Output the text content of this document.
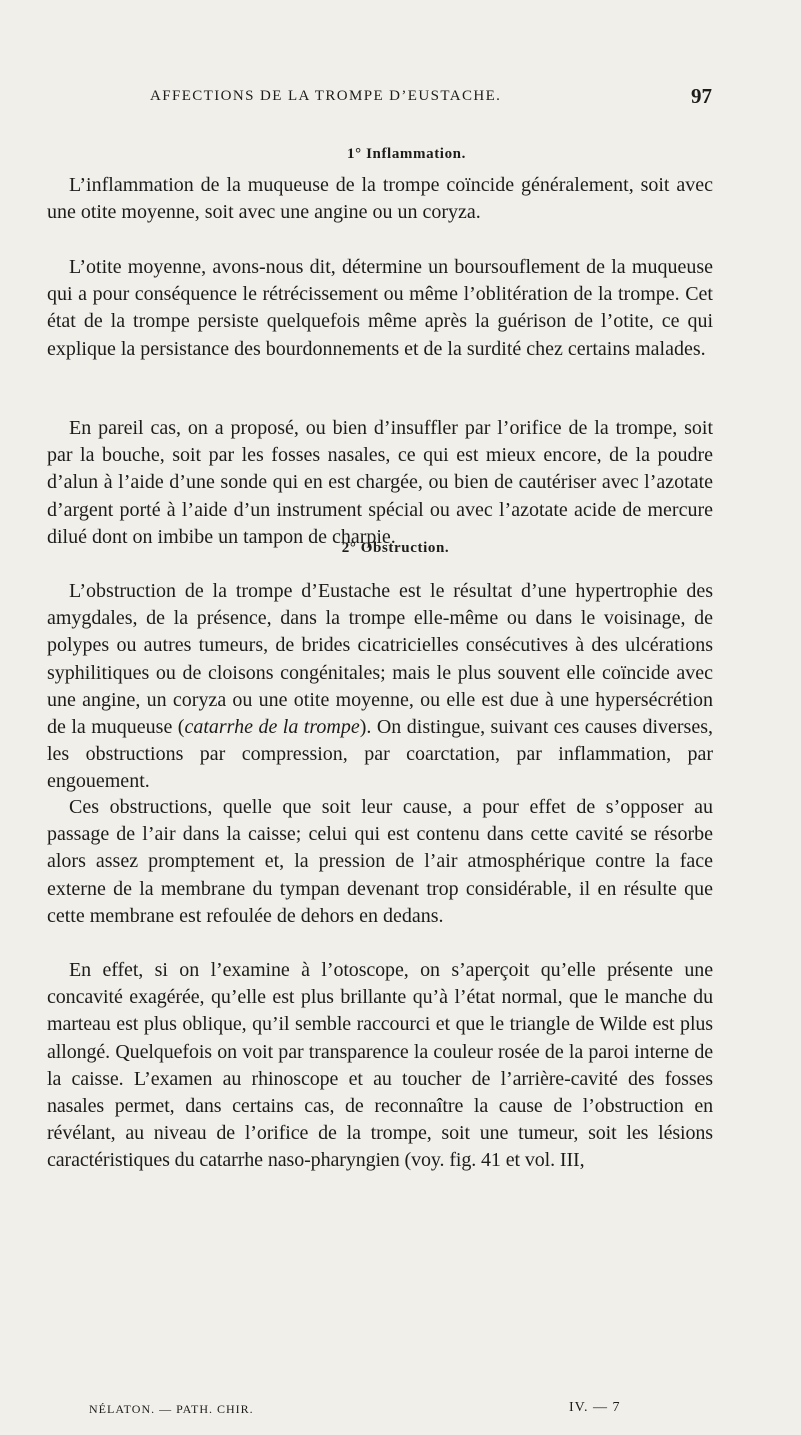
AFFECTIONS DE LA TROMPE D’EUSTACHE.	97
1° Inflammation.

L’inflammation de la muqueuse de la trompe coïncide généralement, soit avec une otite moyenne, soit avec une angine ou un coryza.

L’otite moyenne, avons-nous dit, détermine un boursouflement de la muqueuse qui a pour conséquence le rétrécissement ou même l’oblitération de la trompe. Cet état de la trompe persiste quelquefois même après la guérison de l’otite, ce qui explique la persistance des bourdonnements et de la surdité chez certains malades.

En pareil cas, on a proposé, ou bien d’insuffler par l’orifice de la trompe, soit par la bouche, soit par les fosses nasales, ce qui est mieux encore, de la poudre d’alun à l’aide d’une sonde qui en est chargée, ou bien de cautériser avec l’azotate d’argent porté à l’aide d’un instrument spécial ou avec l’azotate acide de mercure dilué dont on imbibe un tampon de charpie.

2° Obstruction.

L’obstruction de la trompe d’Eustache est le résultat d’une hypertrophie des amygdales, de la présence, dans la trompe elle-même ou dans le voisinage, de polypes ou autres tumeurs, de brides cicatricielles consécutives à des ulcérations syphilitiques ou de cloisons congénitales; mais le plus souvent elle coïncide avec une angine, un coryza ou une otite moyenne, ou elle est due à une hypersécrétion de la muqueuse (catarrhe de la trompe). On distingue, suivant ces causes diverses, les obstructions par compression, par coarctation, par inflammation, par engouement.

Ces obstructions, quelle que soit leur cause, a pour effet de s’opposer au passage de l’air dans la caisse; celui qui est contenu dans cette cavité se résorbe alors assez promptement et, la pression de l’air atmosphérique contre la face externe de la membrane du tympan devenant trop considérable, il en résulte que cette membrane est refoulée de dehors en dedans.

En effet, si on l’examine à l’otoscope, on s’aperçoit qu’elle présente une concavité exagérée, qu’elle est plus brillante qu’à l’état normal, que le manche du marteau est plus oblique, qu’il semble raccourci et que le triangle de Wilde est plus allongé. Quelquefois on voit par transparence la couleur rosée de la paroi interne de la caisse. L’examen au rhinoscope et au toucher de l’arrière-cavité des fosses nasales permet, dans certains cas, de reconnaître la cause de l’obstruction en révélant, au niveau de l’orifice de la trompe, soit une tumeur, soit les lésions caractéristiques du catarrhe naso-pharyngien (voy. fig. 41 et vol. III,

NÉLATON. — PATH. CHIR.	IV. — 7
